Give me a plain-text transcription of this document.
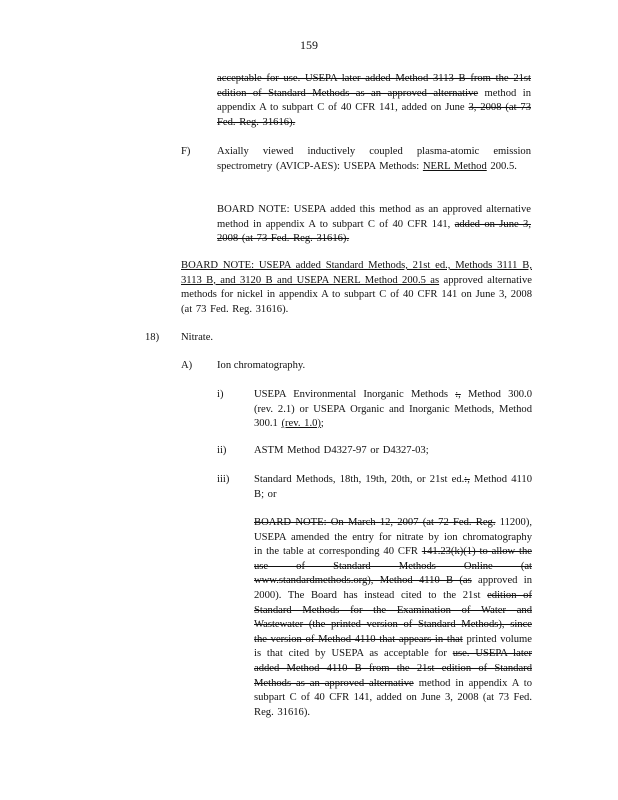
159
acceptable for use. USEPA later added Method 3113 B from the 21st edition of Standard Methods as an approved alternative method in appendix A to subpart C of 40 CFR 141, added on June 3, 2008 (at 73 Fed. Reg. 31616).
F)	Axially viewed inductively coupled plasma-atomic emission spectrometry (AVICP-AES): USEPA Methods: NERL Method 200.5.
BOARD NOTE: USEPA added this method as an approved alternative method in appendix A to subpart C of 40 CFR 141, added on June 3, 2008 (at 73 Fed. Reg. 31616).
BOARD NOTE: USEPA added Standard Methods, 21st ed., Methods 3111 B, 3113 B, and 3120 B and USEPA NERL Method 200.5 as approved alternative methods for nickel in appendix A to subpart C of 40 CFR 141 on June 3, 2008 (at 73 Fed. Reg. 31616).
18) Nitrate.
A) Ion chromatography.
i)	USEPA Environmental Inorganic Methods :, Method 300.0 (rev. 2.1) or USEPA Organic and Inorganic Methods, Method 300.1 (rev. 1.0);
ii)	ASTM Method D4327-97 or D4327-03;
iii) Standard Methods, 18th, 19th, 20th, or 21st ed.:, Method 4110 B; or
BOARD NOTE: On March 12, 2007 (at 72 Fed. Reg. 11200), USEPA amended the entry for nitrate by ion chromatography in the table at corresponding 40 CFR 141.23(k)(1) to allow the use of Standard Methods Online (at www.standardmethods.org), Method 4110 B (as approved in 2000). The Board has instead cited to the 21st edition of Standard Methods for the Examination of Water and Wastewater (the printed version of Standard Methods), since the version of Method 4110 that appears in that printed volume is that cited by USEPA as acceptable for use. USEPA later added Method 4110 B from the 21st edition of Standard Methods as an approved alternative method in appendix A to subpart C of 40 CFR 141, added on June 3, 2008 (at 73 Fed. Reg. 31616).
